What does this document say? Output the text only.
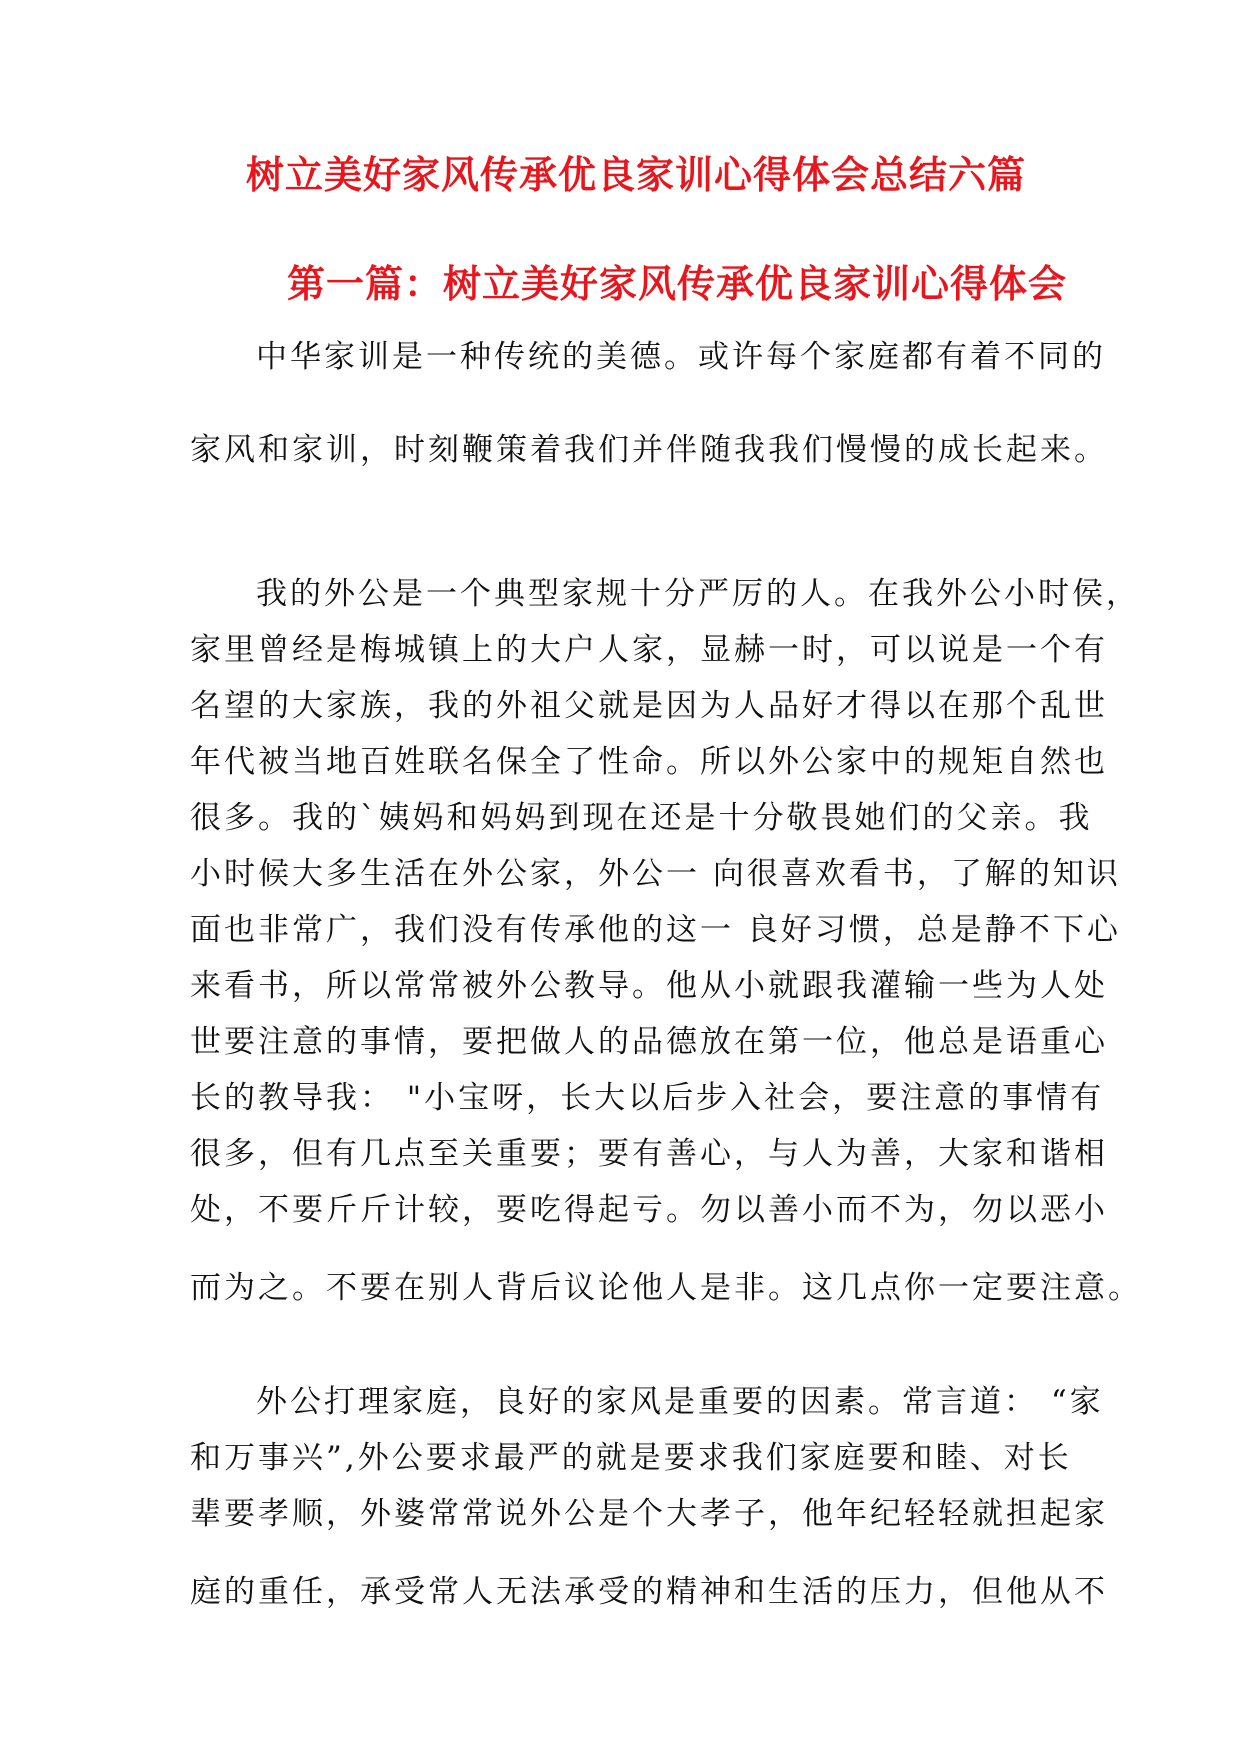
树立美好家风传承优良家训心得体会总结六篇
第一篇：树立美好家风传承优良家训心得体会
中华家训是一种传统的美德。或许每个家庭都有着不同的
家风和家训，时刻鞭策着我们并伴随我我们慢慢的成长起来。
我的外公是一个典型家规十分严厉的人。在我外公小时侯，
家里曾经是梅城镇上的大户人家，显赫一时，可以说是一个有
名望的大家族，我的外祖父就是因为人品好才得以在那个乱世
年代被当地百姓联名保全了性命。所以外公家中的规矩自然也
很多。我的`姨妈和妈妈到现在还是十分敬畏她们的父亲。我
小时候大多生活在外公家，外公一 向很喜欢看书，了解的知识
面也非常广，我们没有传承他的这一 良好习惯，总是静不下心
来看书，所以常常被外公教导。他从小就跟我灌输一些为人处
世要注意的事情，要把做人的品德放在第一位，他总是语重心
长的教导我： "小宝呀，长大以后步入社会，要注意的事情有
很多，但有几点至关重要；要有善心，与人为善，大家和谐相
处，不要斤斤计较，要吃得起亏。勿以善小而不为，勿以恶小
而为之。不要在别人背后议论他人是非。这几点你一定要注意。
外公打理家庭，良好的家风是重要的因素。常言道： “家
和万事兴”,外公要求最严的就是要求我们家庭要和睦、对长
辈要孝顺，外婆常常说外公是个大孝子，他年纪轻轻就担起家
庭的重任，承受常人无法承受的精神和生活的压力，但他从不
